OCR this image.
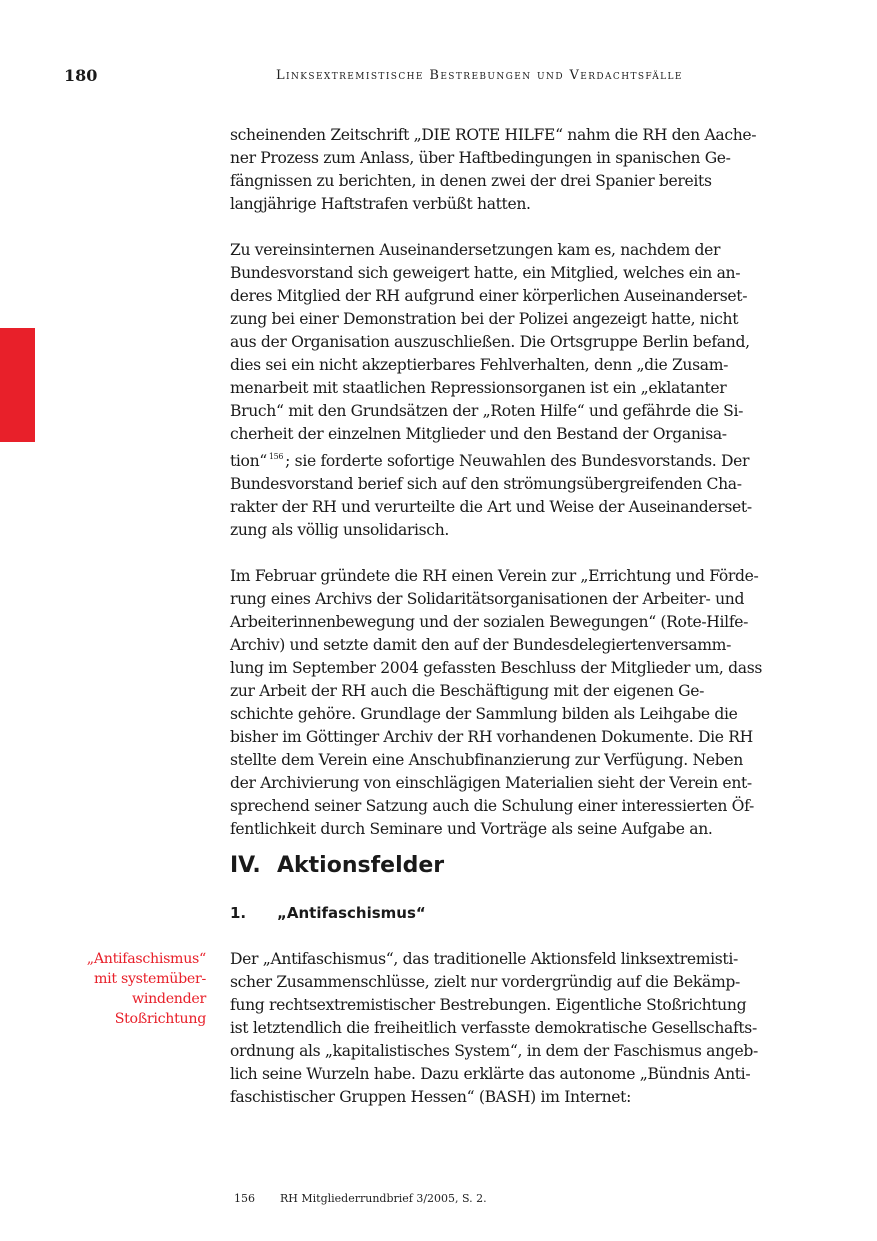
180	Linksextremistische Bestrebungen und Verdachtsfälle

scheinenden Zeitschrift „DIE ROTE HILFE“ nahm die RH den Aache-
ner Prozess zum Anlass, über Haftbedingungen in spanischen Ge-
fängnissen zu berichten, in denen zwei der drei Spanier bereits
langjährige Haftstrafen verbüßt hatten.

Zu vereinsinternen Auseinandersetzungen kam es, nachdem der
Bundesvorstand sich geweigert hatte, ein Mitglied, welches ein an-
deres Mitglied der RH aufgrund einer körperlichen Auseinanderset-
zung bei einer Demonstration bei der Polizei angezeigt hatte, nicht
aus der Organisation auszuschließen. Die Ortsgruppe Berlin befand,
dies sei ein nicht akzeptierbares Fehlverhalten, denn „die Zusam-
menarbeit mit staatlichen Repressionsorganen ist ein „eklatanter
Bruch“ mit den Grundsätzen der „Roten Hilfe“ und gefährde die Si-
cherheit der einzelnen Mitglieder und den Bestand der Organisa-
tion“ $^{156}$ ; sie forderte sofortige Neuwahlen des Bundesvorstands. Der
Bundesvorstand berief sich auf den strömungsübergreifenden Cha-
rakter der RH und verurteilte die Art und Weise der Auseinanderset-
zung als völlig unsolidarisch.

Im Februar gründete die RH einen Verein zur „Errichtung und Förde-
rung eines Archivs der Solidaritätsorganisationen der Arbeiter- und
Arbeiterinnenbewegung und der sozialen Bewegungen“ (Rote-Hilfe-
Archiv) und setzte damit den auf der Bundesdelegiertenversamm-
lung im September 2004 gefassten Beschluss der Mitglieder um, dass
zur Arbeit der RH auch die Beschäftigung mit der eigenen Ge-
schichte gehöre. Grundlage der Sammlung bilden als Leihgabe die
bisher im Göttinger Archiv der RH vorhandenen Dokumente. Die RH
stellte dem Verein eine Anschubfinanzierung zur Verfügung. Neben
der Archivierung von einschlägigen Materialien sieht der Verein ent-
sprechend seiner Satzung auch die Schulung einer interessierten Öf-
fentlichkeit durch Seminare und Vorträge als seine Aufgabe an.

IV. Aktionsfelder
1. „Antifaschismus“
„Antifaschismus“
mit systemüber-
windender
Stoßrichtung

Der „Antifaschismus“, das traditionelle Aktionsfeld linksextremisti-
scher Zusammenschlüsse, zielt nur vordergründig auf die Bekämp-
fung rechtsextremistischer Bestrebungen. Eigentliche Stoßrichtung
ist letztendlich die freiheitlich verfasste demokratische Gesellschafts-
ordnung als „kapitalistisches System“, in dem der Faschismus angeb-
lich seine Wurzeln habe. Dazu erklärte das autonome „Bündnis Anti-
faschistischer Gruppen Hessen“ (BASH) im Internet:

156 RH Mitgliederrundbrief 3/2005, S. 2.
